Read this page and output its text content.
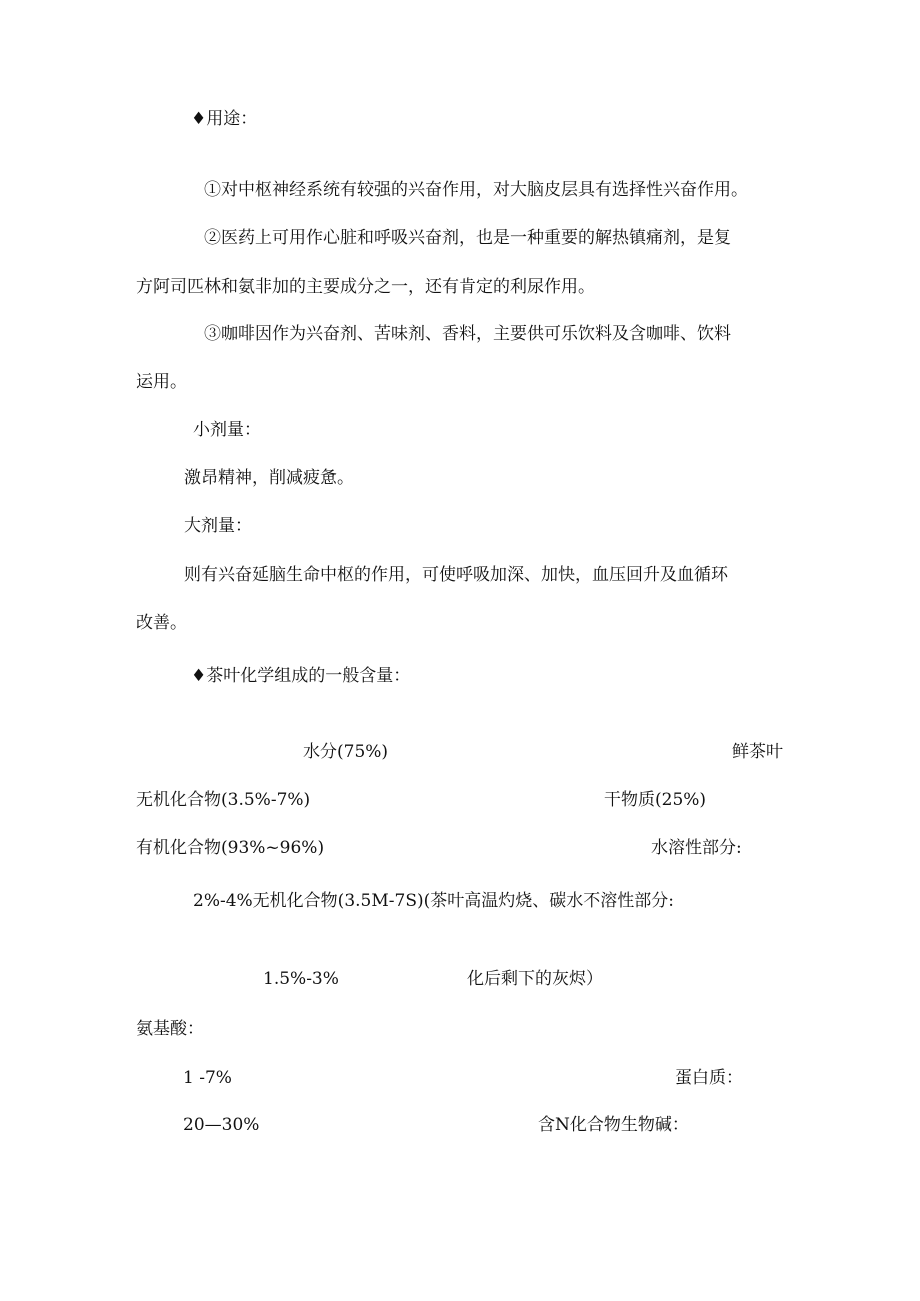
♦用途：

①对中枢神经系统有较强的兴奋作用，对大脑皮层具有选择性兴奋作用。

②医药上可用作心脏和呼吸兴奋剂，也是一种重要的解热镇痛剂，是复

方阿司匹林和氨非加的主要成分之一，还有肯定的利尿作用。

③咖啡因作为兴奋剂、苦味剂、香料，主要供可乐饮料及含咖啡、饮料

运用。

小剂量：

激昂精神，削减疲惫。

大剂量：

则有兴奋延脑生命中枢的作用，可使呼吸加深、加快，血压回升及血循环

改善。

♦茶叶化学组成的一般含量：

水分(75%)	鲜茶叶

无机化合物(3.5%-7%)	干物质(25%)

有机化合物(93%~96%)	水溶性部分:

2%-4%无机化合物(3.5M-7S)(茶叶高温灼烧、碳水不溶性部分:

1.5%-3%	化后剩下的灰烬）

氨基酸：

1 -7%	蛋白质：

20—30%	含N化合物生物碱：
